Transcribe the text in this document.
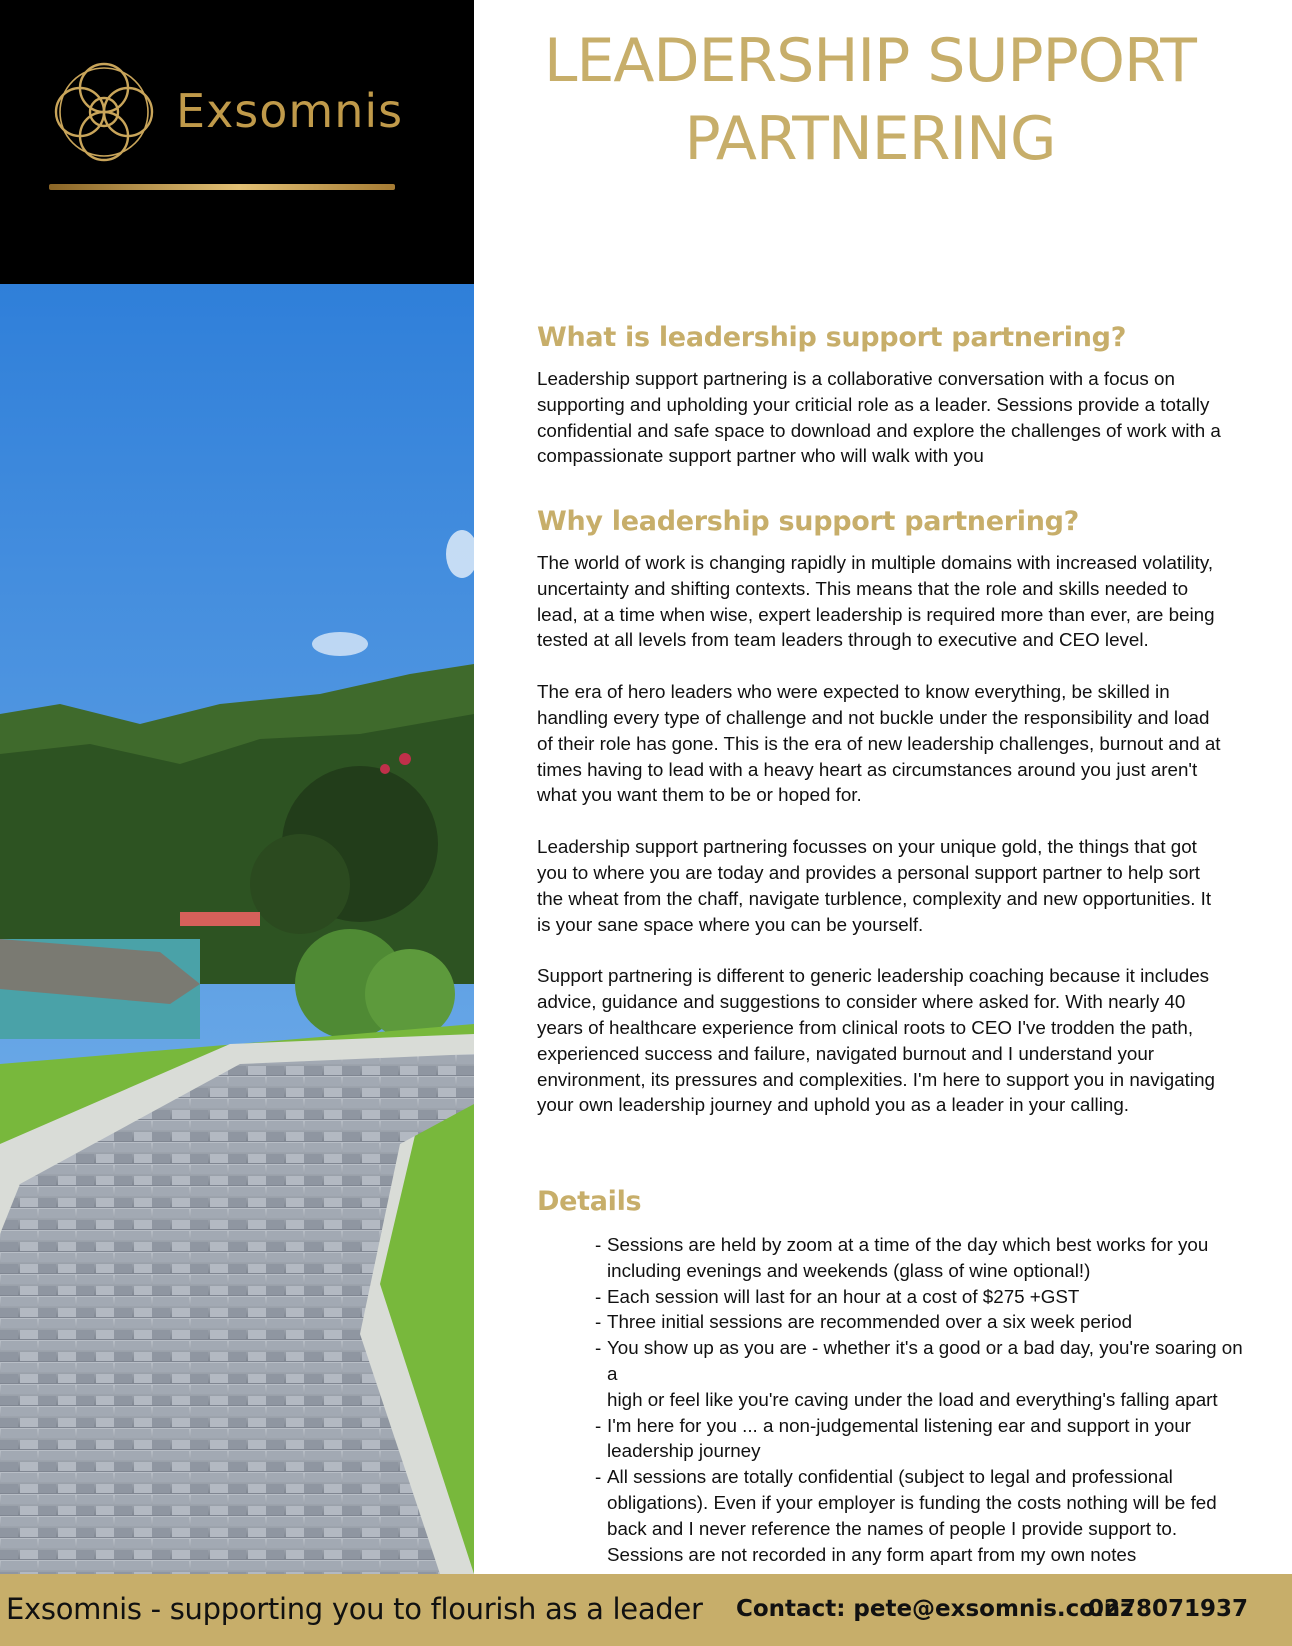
Exsomnis
LEADERSHIP SUPPORT
PARTNERING
What is leadership support partnering?

Leadership support partnering is a collaborative conversation with a focus on supporting and upholding your criticial role as a leader. Sessions provide a totally confidential and safe space to download and explore the challenges of work with a compassionate support partner who will walk with you

Why leadership support partnering?

The world of work is changing rapidly in multiple domains with increased volatility, uncertainty and shifting contexts. This means that the role and skills needed to lead, at a time when wise, expert leadership is required more than ever, are being tested at all levels from team leaders through to executive and CEO level.

The era of hero leaders who were expected to know everything, be skilled in handling every type of challenge and not buckle under the responsibility and load of their role has gone. This is the era of new leadership challenges, burnout and at times having to lead with a heavy heart as circumstances around you just aren't what you want them to be or hoped for.

Leadership support partnering focusses on your unique gold, the things that got you to where you are today and provides a personal support partner to help sort the wheat from the chaff, navigate turblence, complexity and new opportunities. It is your sane space where you can be yourself.

Support partnering is different to generic leadership coaching because it includes advice, guidance and suggestions to consider where asked for. With nearly 40 years of healthcare experience from clinical roots to CEO I've trodden the path, experienced success and failure, navigated burnout and I understand your environment, its pressures and complexities. I'm here to support you in navigating your own leadership journey and uphold you as a leader in your calling.

Details
- Sessions are held by zoom at a time of the day which best works for you
including evenings and weekends (glass of wine optional!)
- Each session will last for an hour at a cost of $275 +GST
- Three initial sessions are recommended over a six week period
- You show up as you are - whether it's a good or a bad day, you're soaring on a
high or feel like you're caving under the load and everything's falling apart
- I'm here for you ... a non-judgemental listening ear and support in your
leadership journey
- All sessions are totally confidential (subject to legal and professional
obligations). Even if your employer is funding the costs nothing will be fed
back and I never reference the names of people I provide support to.
Sessions are not recorded in any form apart from my own notes
Exsomnis - supporting you to flourish as a leader Contact: pete@exsomnis.co.nz
0278071937
